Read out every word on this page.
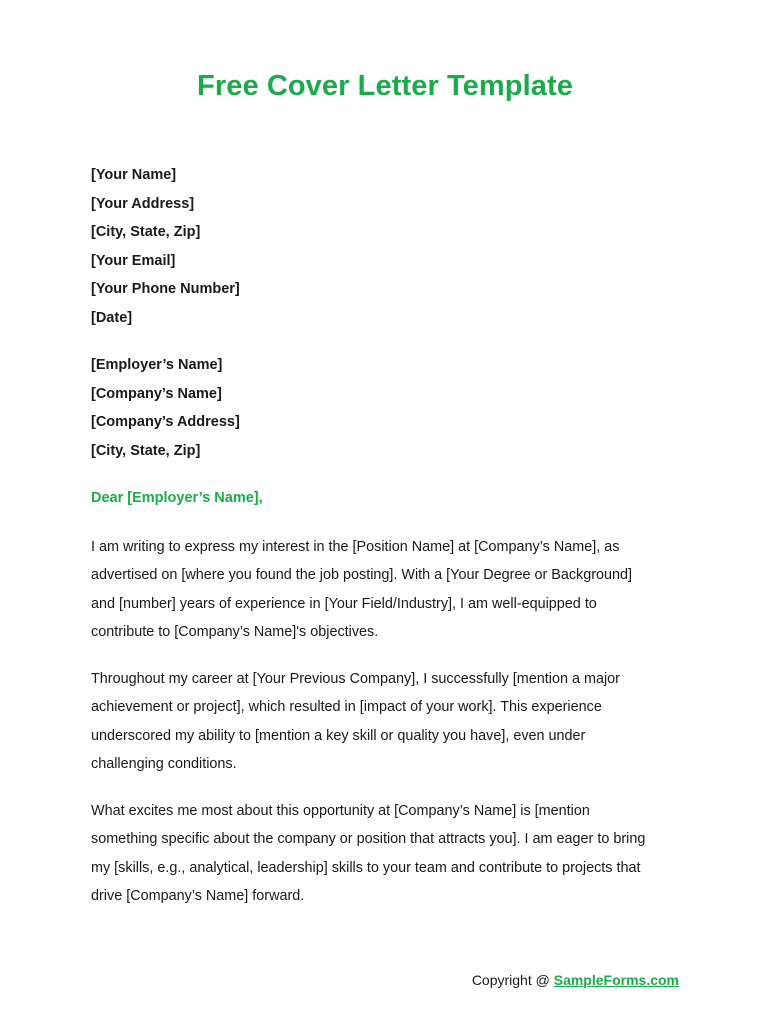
Free Cover Letter Template
[Your Name]
[Your Address]
[City, State, Zip]
[Your Email]
[Your Phone Number]
[Date]
[Employer’s Name]
[Company’s Name]
[Company’s Address]
[City, State, Zip]

Dear [Employer’s Name],

I am writing to express my interest in the [Position Name] at [Company’s Name], as
advertised on [where you found the job posting]. With a [Your Degree or Background]
and [number] years of experience in [Your Field/Industry], I am well-equipped to
contribute to [Company’s Name]'s objectives.

Throughout my career at [Your Previous Company], I successfully [mention a major
achievement or project], which resulted in [impact of your work]. This experience
underscored my ability to [mention a key skill or quality you have], even under
challenging conditions.

What excites me most about this opportunity at [Company’s Name] is [mention
something specific about the company or position that attracts you]. I am eager to bring
my [skills, e.g., analytical, leadership] skills to your team and contribute to projects that
drive [Company’s Name] forward.

Copyright @ SampleForms.com
